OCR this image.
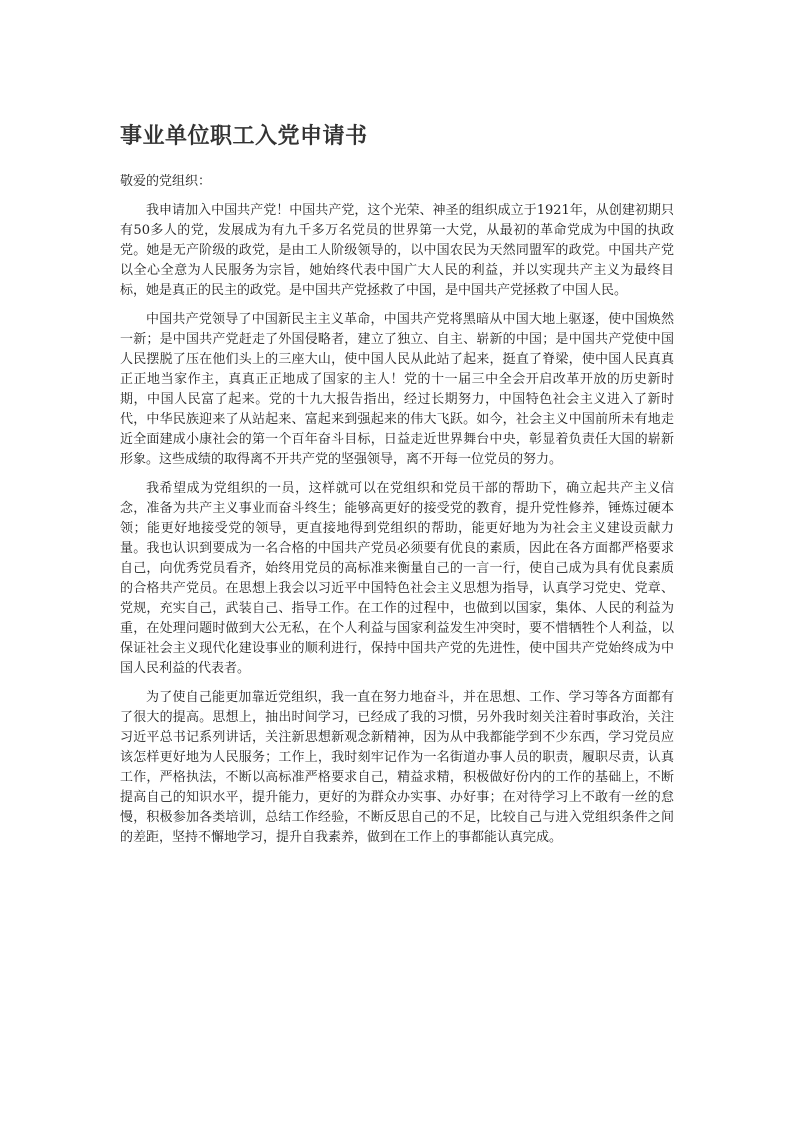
事业单位职工入党申请书

敬爱的党组织：

我申请加入中国共产党！中国共产党，这个光荣、神圣的组织成立于1921年，从创建初期只有50多人的党，发展成为有九千多万名党员的世界第一大党，从最初的革命党成为中国的执政党。她是无产阶级的政党，是由工人阶级领导的，以中国农民为天然同盟军的政党。中国共产党以全心全意为人民服务为宗旨，她始终代表中国广大人民的利益，并以实现共产主义为最终目标，她是真正的民主的政党。是中国共产党拯救了中国，是中国共产党拯救了中国人民。

中国共产党领导了中国新民主主义革命，中国共产党将黑暗从中国大地上驱逐，使中国焕然一新；是中国共产党赶走了外国侵略者，建立了独立、自主、崭新的中国；是中国共产党使中国人民摆脱了压在他们头上的三座大山，使中国人民从此站了起来，挺直了脊梁，使中国人民真真正正地当家作主，真真正正地成了国家的主人！党的十一届三中全会开启改革开放的历史新时期，中国人民富了起来。党的十九大报告指出，经过长期努力，中国特色社会主义进入了新时代，中华民族迎来了从站起来、富起来到强起来的伟大飞跃。如今，社会主义中国前所未有地走近全面建成小康社会的第一个百年奋斗目标，日益走近世界舞台中央，彰显着负责任大国的崭新形象。这些成绩的取得离不开共产党的坚强领导，离不开每一位党员的努力。

我希望成为党组织的一员，这样就可以在党组织和党员干部的帮助下，确立起共产主义信念，准备为共产主义事业而奋斗终生；能够高更好的接受党的教育，提升党性修养，锤炼过硬本领；能更好地接受党的领导，更直接地得到党组织的帮助，能更好地为为社会主义建设贡献力量。我也认识到要成为一名合格的中国共产党员必须要有优良的素质，因此在各方面都严格要求自己，向优秀党员看齐，始终用党员的高标准来衡量自己的一言一行，使自己成为具有优良素质的合格共产党员。在思想上我会以习近平中国特色社会主义思想为指导，认真学习党史、党章、党规，充实自己，武装自己、指导工作。在工作的过程中，也做到以国家，集体、人民的利益为重，在处理问题时做到大公无私，在个人利益与国家利益发生冲突时，要不惜牺牲个人利益，以保证社会主义现代化建设事业的顺利进行，保持中国共产党的先进性，使中国共产党始终成为中国人民利益的代表者。

为了使自己能更加靠近党组织，我一直在努力地奋斗，并在思想、工作、学习等各方面都有了很大的提高。思想上，抽出时间学习，已经成了我的习惯，另外我时刻关注着时事政治，关注习近平总书记系列讲话，关注新思想新观念新精神，因为从中我都能学到不少东西，学习党员应该怎样更好地为人民服务；工作上，我时刻牢记作为一名街道办事人员的职责，履职尽责，认真工作，严格执法，不断以高标准严格要求自己，精益求精，积极做好份内的工作的基础上，不断提高自己的知识水平，提升能力，更好的为群众办实事、办好事；在对待学习上不敢有一丝的怠慢，积极参加各类培训，总结工作经验，不断反思自己的不足，比较自己与进入党组织条件之间的差距，坚持不懈地学习，提升自我素养，做到在工作上的事都能认真完成。
